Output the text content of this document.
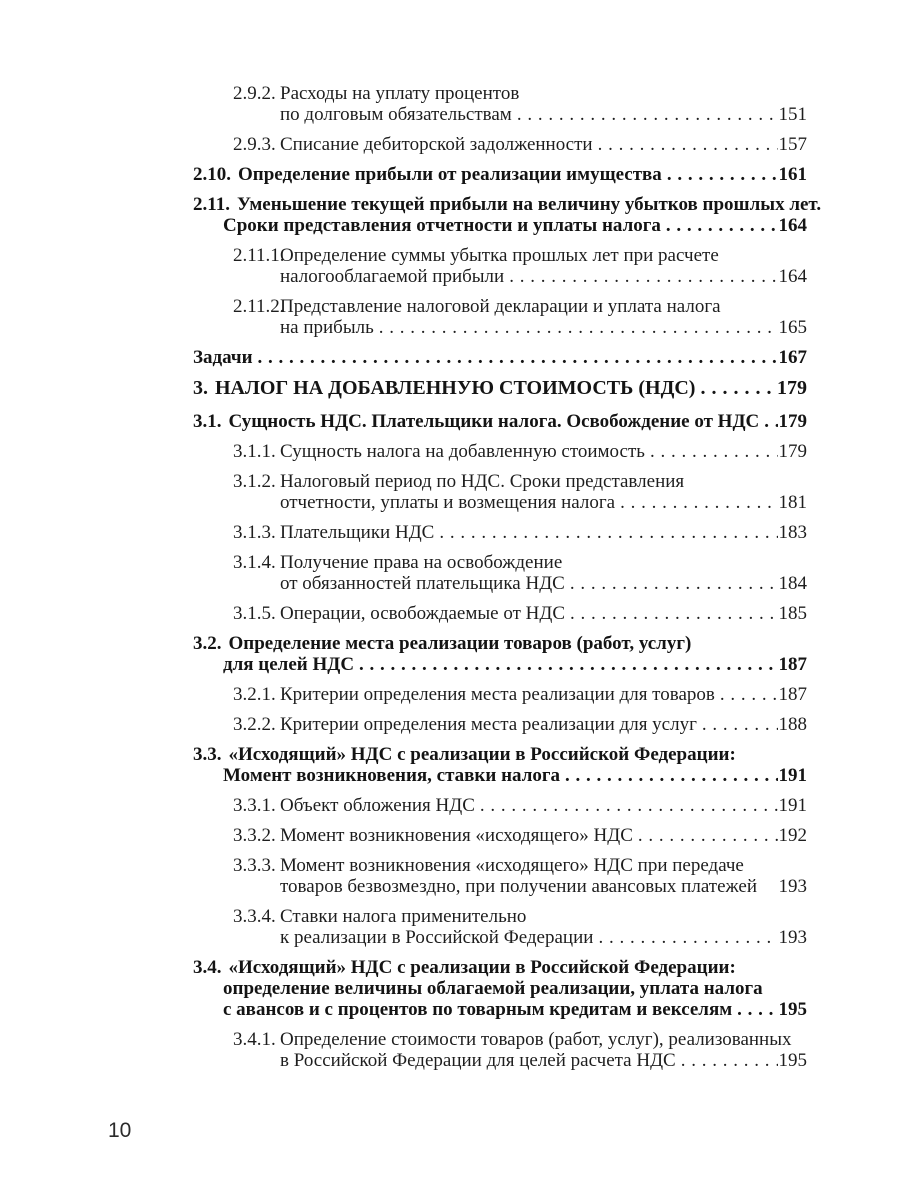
2.9.2. Расходы на уплату процентов
по долговым обязательствам . . .	151
2.9.3. Списание дебиторской задолженности . . .	157
2.10. Определение прибыли от реализации имущества . . .	161
2.11. Уменьшение текущей прибыли на величину убытков прошлых лет.
Сроки представления отчетности и уплаты налога . . .	164
2.11.1.Определение суммы убытка прошлых лет при расчете
налогооблагаемой прибыли . . .	164
2.11.2.Представление налоговой декларации и уплата налога
на прибыль . . .	165
Задачи . . .	167
3. НАЛОГ НА ДОБАВЛЕННУЮ СТОИМОСТЬ (НДС) . . .	179
3.1. Сущность НДС. Плательщики налога. Освобождение от НДС . . . 179
3.1.1. Сущность налога на добавленную стоимость . . .	179
3.1.2. Налоговый период по НДС. Сроки представления
отчетности, уплаты и возмещения налога . . .	181
3.1.3. Плательщики НДС . . .	183
3.1.4. Получение права на освобождение
от обязанностей плательщика НДС . . .	184
3.1.5. Операции, освобождаемые от НДС . . .	185
3.2. Определение места реализации товаров (работ, услуг)
для целей НДС . . .	187
3.2.1. Критерии определения места реализации для товаров . . .	187
3.2.2. Критерии определения места реализации для услуг . . .	188
3.3. «Исходящий» НДС с реализации в Российской Федерации:
Момент возникновения, ставки налога . . .	191
3.3.1. Объект обложения НДС . . .	191
3.3.2. Момент возникновения «исходящего» НДС . . .	192
3.3.3. Момент возникновения «исходящего» НДС при передаче
товаров безвозмездно, при получении авансовых платежей 193
3.3.4. Ставки налога применительно
к реализации в Российской Федерации . . .	193
3.4. «Исходящий» НДС с реализации в Российской Федерации:
определение величины облагаемой реализации, уплата налога
с авансов и с процентов по товарным кредитам и векселям . . . 195
3.4.1. Определение стоимости товаров (работ, услуг), реализованных
в Российской Федерации для целей расчета НДС . . .	195
10
